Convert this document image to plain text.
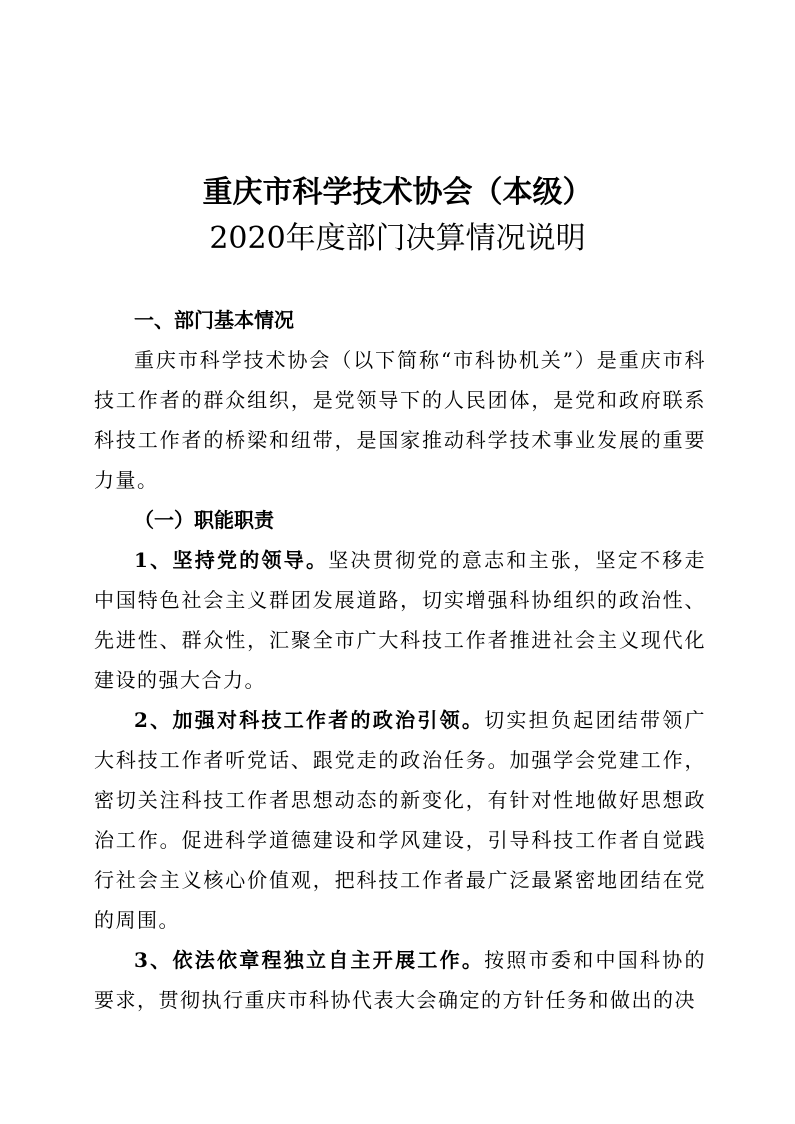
重庆市科学技术协会（本级）
2020年度部门决算情况说明

一、部门基本情况

重庆市科学技术协会（以下简称“市科协机关”）是重庆市科技工作者的群众组织，是党领导下的人民团体，是党和政府联系科技工作者的桥梁和纽带，是国家推动科学技术事业发展的重要力量。

（一）职能职责

1、坚持党的领导。坚决贯彻党的意志和主张，坚定不移走中国特色社会主义群团发展道路，切实增强科协组织的政治性、先进性、群众性，汇聚全市广大科技工作者推进社会主义现代化建设的强大合力。

2、加强对科技工作者的政治引领。切实担负起团结带领广大科技工作者听党话、跟党走的政治任务。加强学会党建工作，密切关注科技工作者思想动态的新变化，有针对性地做好思想政治工作。促进科学道德建设和学风建设，引导科技工作者自觉践行社会主义核心价值观，把科技工作者最广泛最紧密地团结在党的周围。

3、依法依章程独立自主开展工作。按照市委和中国科协的要求，贯彻执行重庆市科协代表大会确定的方针任务和做出的决
